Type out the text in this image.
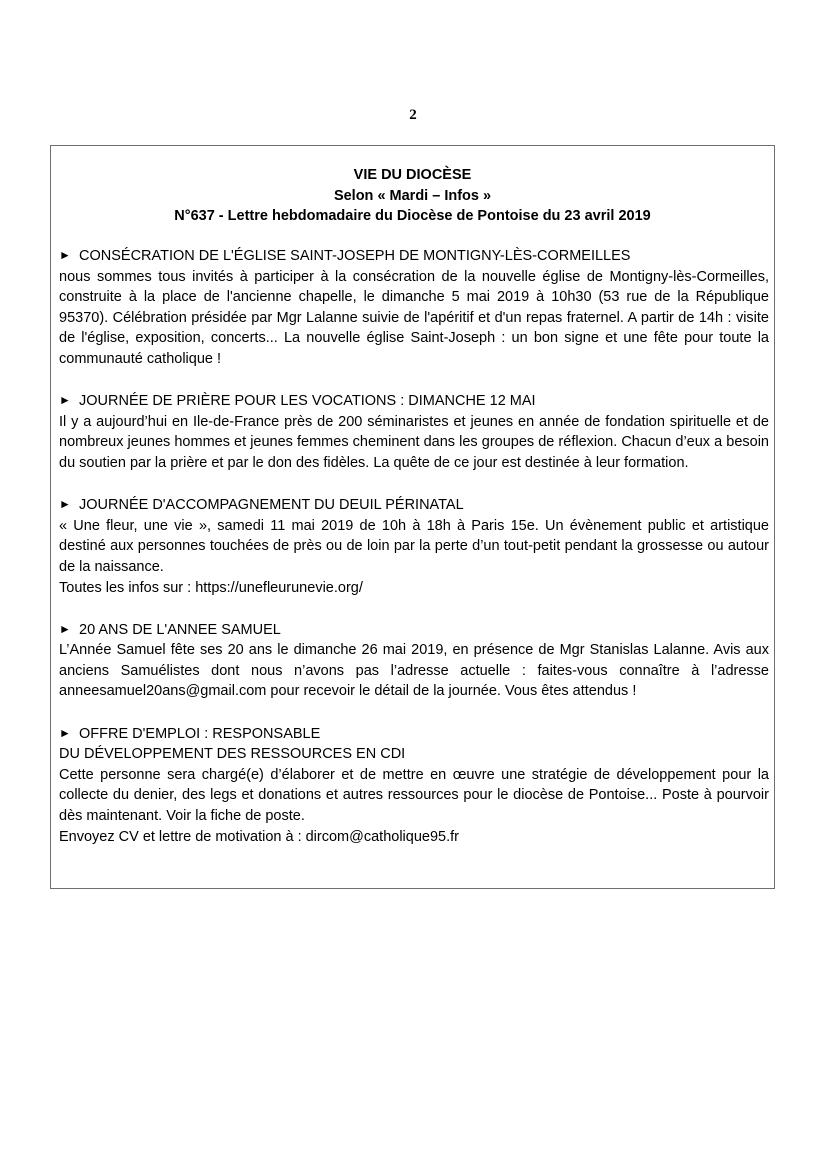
2
VIE DU DIOCÈSE
Selon « Mardi – Infos »
N°637 - Lettre hebdomadaire du Diocèse de Pontoise du 23 avril 2019
► CONSÉCRATION DE L'ÉGLISE SAINT-JOSEPH DE MONTIGNY-LÈS-CORMEILLES

nous sommes tous invités à participer à la consécration de la nouvelle église de Montigny-lès-Cormeilles, construite à la place de l'ancienne chapelle, le dimanche 5 mai 2019 à 10h30 (53 rue de la République 95370). Célébration présidée par Mgr Lalanne suivie de l'apéritif et d'un repas fraternel. A partir de 14h : visite de l'église, exposition, concerts... La nouvelle église Saint-Joseph : un bon signe et une fête pour toute la communauté catholique !

► JOURNÉE DE PRIÈRE POUR LES VOCATIONS : DIMANCHE 12 MAI

Il y a aujourd’hui en Ile-de-France près de 200 séminaristes et jeunes en année de fondation spirituelle et de nombreux jeunes hommes et jeunes femmes cheminent dans les groupes de réflexion. Chacun d’eux a besoin du soutien par la prière et par le don des fidèles. La quête de ce jour est destinée à leur formation.

► JOURNÉE D'ACCOMPAGNEMENT DU DEUIL PÉRINATAL

« Une fleur, une vie », samedi 11 mai 2019 de 10h à 18h à Paris 15e. Un évènement public et artistique destiné aux personnes touchées de près ou de loin par la perte d’un tout-petit pendant la grossesse ou autour de la naissance.

Toutes les infos sur : https://unefleurunevie.org/
► 20 ANS DE L'ANNEE SAMUEL

L’Année Samuel fête ses 20 ans le dimanche 26 mai 2019, en présence de Mgr Stanislas Lalanne. Avis aux anciens Samuélistes dont nous n’avons pas l’adresse actuelle : faites-vous connaître à l’adresse anneesamuel20ans@gmail.com pour recevoir le détail de la journée. Vous êtes attendus !

► OFFRE D'EMPLOI : RESPONSABLE
DU DÉVELOPPEMENT DES RESSOURCES EN CDI

Cette personne sera chargé(e) d’élaborer et de mettre en œuvre une stratégie de développement pour la collecte du denier, des legs et donations et autres ressources pour le diocèse de Pontoise... Poste à pourvoir dès maintenant. Voir la fiche de poste.

Envoyez CV et lettre de motivation à : dircom@catholique95.fr
